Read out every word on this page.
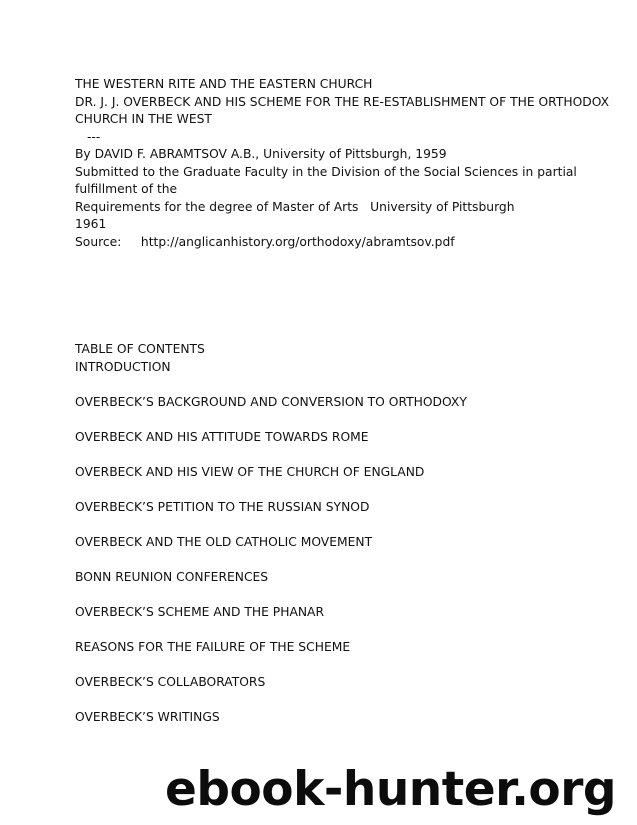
THE WESTERN RITE AND THE EASTERN CHURCH
DR. J. J. OVERBECK AND HIS SCHEME FOR THE RE-ESTABLISHMENT OF THE ORTHODOX
CHURCH IN THE WEST
---
By DAVID F. ABRAMTSOV A.B., University of Pittsburgh, 1959
Submitted to the Graduate Faculty in the Division of the Social Sciences in partial
fulfillment of the
Requirements for the degree of Master of Arts   University of Pittsburgh
1961
Source:     http://anglicanhistory.org/orthodoxy/abramtsov.pdf
TABLE OF CONTENTS
INTRODUCTION
OVERBECK’S BACKGROUND AND CONVERSION TO ORTHODOXY
OVERBECK AND HIS ATTITUDE TOWARDS ROME
OVERBECK AND HIS VIEW OF THE CHURCH OF ENGLAND
OVERBECK’S PETITION TO THE RUSSIAN SYNOD
OVERBECK AND THE OLD CATHOLIC MOVEMENT
BONN REUNION CONFERENCES
OVERBECK’S SCHEME AND THE PHANAR
REASONS FOR THE FAILURE OF THE SCHEME
OVERBECK’S COLLABORATORS
OVERBECK’S WRITINGS
ebook-hunter.org
